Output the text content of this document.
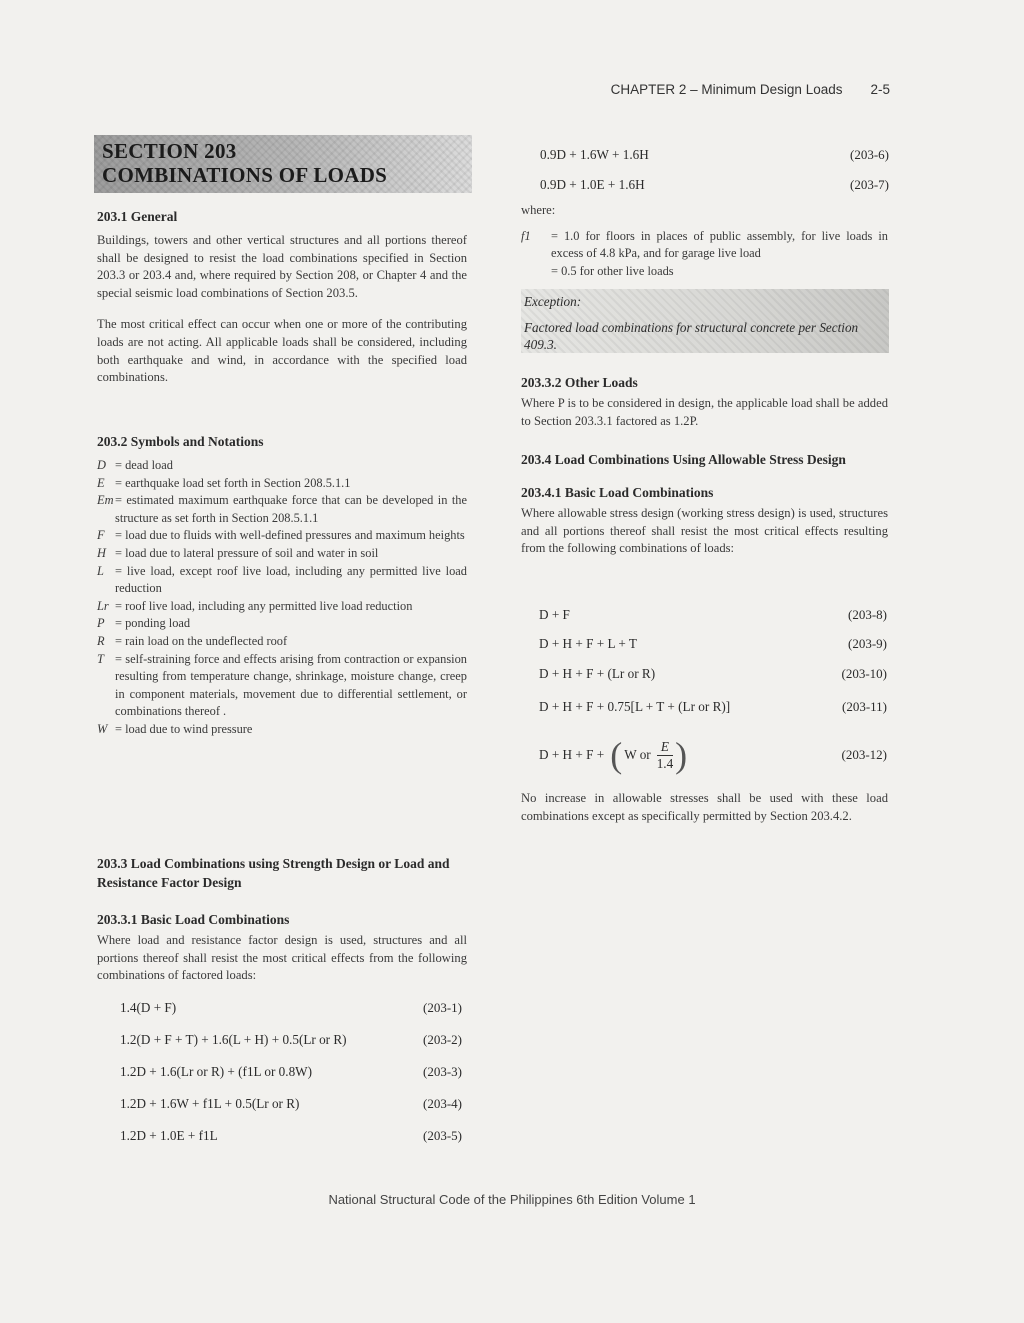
CHAPTER 2 – Minimum Design Loads 2-5
SECTION 203
COMBINATIONS OF LOADS
203.1 General

Buildings, towers and other vertical structures and all portions thereof shall be designed to resist the load combinations specified in Section 203.3 or 203.4 and, where required by Section 208, or Chapter 4 and the special seismic load combinations of Section 203.5.

The most critical effect can occur when one or more of the contributing loads are not acting. All applicable loads shall be considered, including both earthquake and wind, in accordance with the specified load combinations.

203.2 Symbols and Notations
D = dead load
E = earthquake load set forth in Section 208.5.1.1
Em = estimated maximum earthquake force that can be developed in the structure as set forth in Section 208.5.1.1
F = load due to fluids with well-defined pressures and maximum heights
H = load due to lateral pressure of soil and water in soil
L = live load, except roof live load, including any permitted live load reduction
Lr = roof live load, including any permitted live load reduction
P = ponding load
R = rain load on the undeflected roof
T = self-straining force and effects arising from contraction or expansion resulting from temperature change, shrinkage, moisture change, creep in component materials, movement due to differential settlement, or combinations thereof .
W = load due to wind pressure
203.3 Load Combinations using Strength Design or Load and Resistance Factor Design
203.3.1 Basic Load Combinations

Where load and resistance factor design is used, structures and all portions thereof shall resist the most critical effects from the following combinations of factored loads:

1.4(D + F)	(203-1)
1.2(D + F + T) + 1.6(L + H) + 0.5(Lr or R)	(203-2)
1.2D + 1.6(Lr or R) + (f1L or 0.8W)	(203-3)
1.2D + 1.6W + f1L + 0.5(Lr or R)	(203-4)
1.2D + 1.0E + f1L	(203-5)
0.9D + 1.6W + 1.6H	(203-6)
0.9D + 1.0E + 1.6H	(203-7)

where:

f1	= 1.0 for floors in places of public assembly, for live loads in excess of 4.8 kPa, and for garage live load
= 0.5 for other live loads
Exception:
Factored load combinations for structural concrete per Section 409.3.
203.3.2 Other Loads

Where P is to be considered in design, the applicable load shall be added to Section 203.3.1 factored as 1.2P.

203.4 Load Combinations Using Allowable Stress Design
203.4.1 Basic Load Combinations

Where allowable stress design (working stress design) is used, structures and all portions thereof shall resist the most critical effects resulting from the following combinations of loads:

D + F	(203-8)
D + H + F + L + T	(203-9)
D + H + F + (Lr or R)	(203-10)
D + H + F + 0.75[L + T + (Lr or R)]	(203-11)
D + H + F + ( W or
E
1.4 )	(203-12)

No increase in allowable stresses shall be used with these load combinations except as specifically permitted by Section 203.4.2.

National Structural Code of the Philippines 6th Edition Volume 1
